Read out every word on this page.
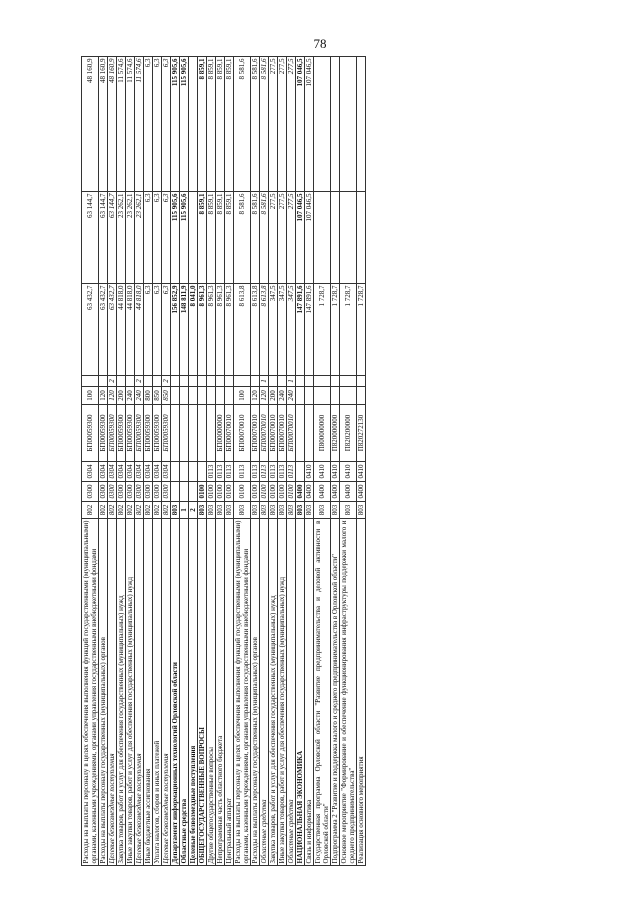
78
Расходы на выплаты персоналу в целях обеспечения выполнения функций государственными (муниципальными) органами, казенными учреждениями, органами управления государственными внебюджетными фондами	802	0300	0304	БП00059300	100		63 432,7	63 144,7	48 160,9
Расходы на выплаты персоналу государственных (муниципальных) органов	802	0300	0304	БП00059300	120		63 432,7	63 144,7	48 160,9
Целевые безвозмездные поступления	802	0300	0304	БП00059300	120	2	63 432,7	63 144,7	48 160,9
Закупка товаров, работ и услуг для обеспечения государственных (муниципальных) нужд	802	0300	0304	БП00059300	200		44 818,0	23 262,1	11 574,6
Иные закупки товаров, работ и услуг для обеспечения государственных (муниципальных) нужд	802	0300	0304	БП00059300	240		44 818,0	23 262,1	11 574,6
Целевые безвозмездные поступления	802	0300	0304	БП00059300	240	2	44 818,0	23 262,1	11 574,6
Иные бюджетные ассигнования	802	0300	0304	БП00059300	800		6,3	6,3	6,3
Уплата налогов, сборов и иных платежей	802	0300	0304	БП00059300	850		6,3	6,3	6,3
Целевые безвозмездные поступления	802	0300	0304	БП00059300	850	2	6,3	6,3	6,3
Департамент информационных технологий Орловской области	803						156 852,9	115 905,6	115 905,6
Областные средства	1						148 811,9	115 905,6	115 905,6
Целевые безвозмездные поступления	2						8 041,0		
ОБЩЕГОСУДАРСТВЕННЫЕ ВОПРОСЫ	803	0100					8 961,3	8 859,1	8 859,1
Другие общегосударственные вопросы	803	0100	0113				8 961,3	8 859,1	8 859,1
Непрограммная часть областного бюджета	803	0100	0113	БП00000000			8 961,3	8 859,1	8 859,1
Центральный аппарат	803	0100	0113	БП00070010			8 961,3	8 859,1	8 859,1
Расходы на выплаты персоналу в целях обеспечения выполнения функций государственными (муниципальными) органами, казенными учреждениями, органами управления государственными внебюджетными фондами	803	0100	0113	БП00070010	100		8 613,8	8 581,6	8 581,6
Расходы на выплаты персоналу государственных (муниципальных) органов	803	0100	0113	БП00070010	120		8 613,8	8 581,6	8 581,6
Областные средства	803	0100	0113	БП00070010	120	1	8 613,8	8 581,6	8 581,6
Закупка товаров, работ и услуг для обеспечения государственных (муниципальных) нужд	803	0100	0113	БП00070010	200		347,5	277,5	277,5
Иные закупки товаров, работ и услуг для обеспечения государственных (муниципальных) нужд	803	0100	0113	БП00070010	240		347,5	277,5	277,5
Областные средства	803	0100	0113	БП00070010	240	1	347,5	277,5	277,5
НАЦИОНАЛЬНАЯ ЭКОНОМИКА	803	0400					147 891,6	107 046,5	107 046,5
Связь и информатика	803	0400	0410				147 891,6	107 046,5	107 046,5
Государственная программа Орловской области "Развитие предпринимательства и деловой активности в Орловской области"	803	0400	0410	П800000000			1 728,7		
Подпрограмма 2 "Развитие и поддержка малого и среднего предпринимательства в Орловской области"	803	0400	0410	П820000000			1 728,7		
Основное мероприятие "Формирование и обеспечение функционирования инфраструктуры поддержки малого и среднего предпринимательства"	803	0400	0410	П820200000			1 728,7		
Реализация основного мероприятия	803	0400	0410	П820272130			1 728,7		
